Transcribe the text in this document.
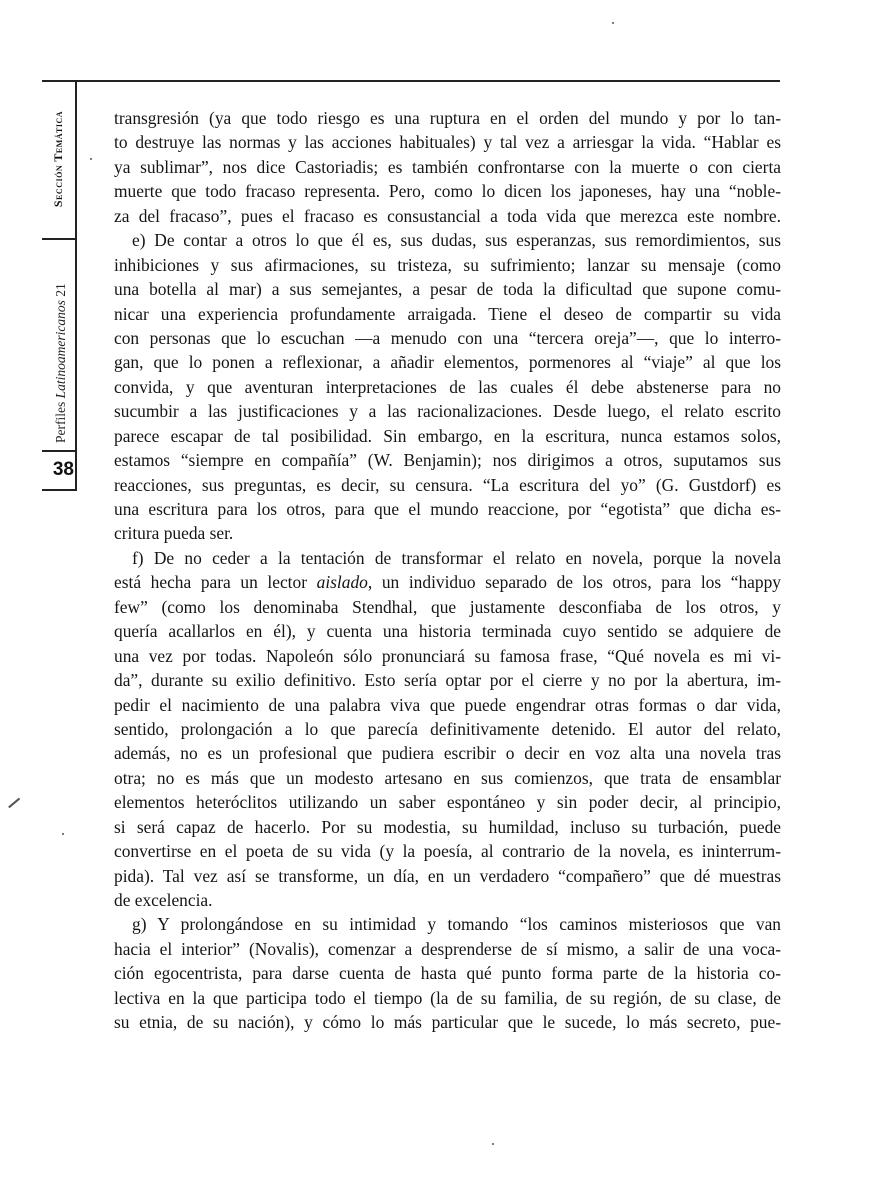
Sección Temática
Perfiles Latinoamericanos 21
38
transgresión (ya que todo riesgo es una ruptura en el orden del mundo y por lo tan-
to destruye las normas y las acciones habituales) y tal vez a arriesgar la vida. “Hablar es
ya sublimar”, nos dice Castoriadis; es también confrontarse con la muerte o con cierta
muerte que todo fracaso representa. Pero, como lo dicen los japoneses, hay una “noble-
za del fracaso”, pues el fracaso es consustancial a toda vida que merezca este nombre.
e) De contar a otros lo que él es, sus dudas, sus esperanzas, sus remordimientos, sus
inhibiciones y sus afirmaciones, su tristeza, su sufrimiento; lanzar su mensaje (como
una botella al mar) a sus semejantes, a pesar de toda la dificultad que supone comu-
nicar una experiencia profundamente arraigada. Tiene el deseo de compartir su vida
con personas que lo escuchan —a menudo con una “tercera oreja”—, que lo interro-
gan, que lo ponen a reflexionar, a añadir elementos, pormenores al “viaje” al que los
convida, y que aventuran interpretaciones de las cuales él debe abstenerse para no
sucumbir a las justificaciones y a las racionalizaciones. Desde luego, el relato escrito
parece escapar de tal posibilidad. Sin embargo, en la escritura, nunca estamos solos,
estamos “siempre en compañía” (W. Benjamin); nos dirigimos a otros, suputamos sus
reacciones, sus preguntas, es decir, su censura. “La escritura del yo” (G. Gustdorf) es
una escritura para los otros, para que el mundo reaccione, por “egotista” que dicha es-
critura pueda ser.
f) De no ceder a la tentación de transformar el relato en novela, porque la novela
está hecha para un lector aislado, un individuo separado de los otros, para los “happy
few” (como los denominaba Stendhal, que justamente desconfiaba de los otros, y
quería acallarlos en él), y cuenta una historia terminada cuyo sentido se adquiere de
una vez por todas. Napoleón sólo pronunciará su famosa frase, “Qué novela es mi vi-
da”, durante su exilio definitivo. Esto sería optar por el cierre y no por la abertura, im-
pedir el nacimiento de una palabra viva que puede engendrar otras formas o dar vida,
sentido, prolongación a lo que parecía definitivamente detenido. El autor del relato,
además, no es un profesional que pudiera escribir o decir en voz alta una novela tras
otra; no es más que un modesto artesano en sus comienzos, que trata de ensamblar
elementos heteróclitos utilizando un saber espontáneo y sin poder decir, al principio,
si será capaz de hacerlo. Por su modestia, su humildad, incluso su turbación, puede
convertirse en el poeta de su vida (y la poesía, al contrario de la novela, es ininterrum-
pida). Tal vez así se transforme, un día, en un verdadero “compañero” que dé muestras
de excelencia.
g) Y prolongándose en su intimidad y tomando “los caminos misteriosos que van
hacia el interior” (Novalis), comenzar a desprenderse de sí mismo, a salir de una voca-
ción egocentrista, para darse cuenta de hasta qué punto forma parte de la historia co-
lectiva en la que participa todo el tiempo (la de su familia, de su región, de su clase, de
su etnia, de su nación), y cómo lo más particular que le sucede, lo más secreto, pue-
